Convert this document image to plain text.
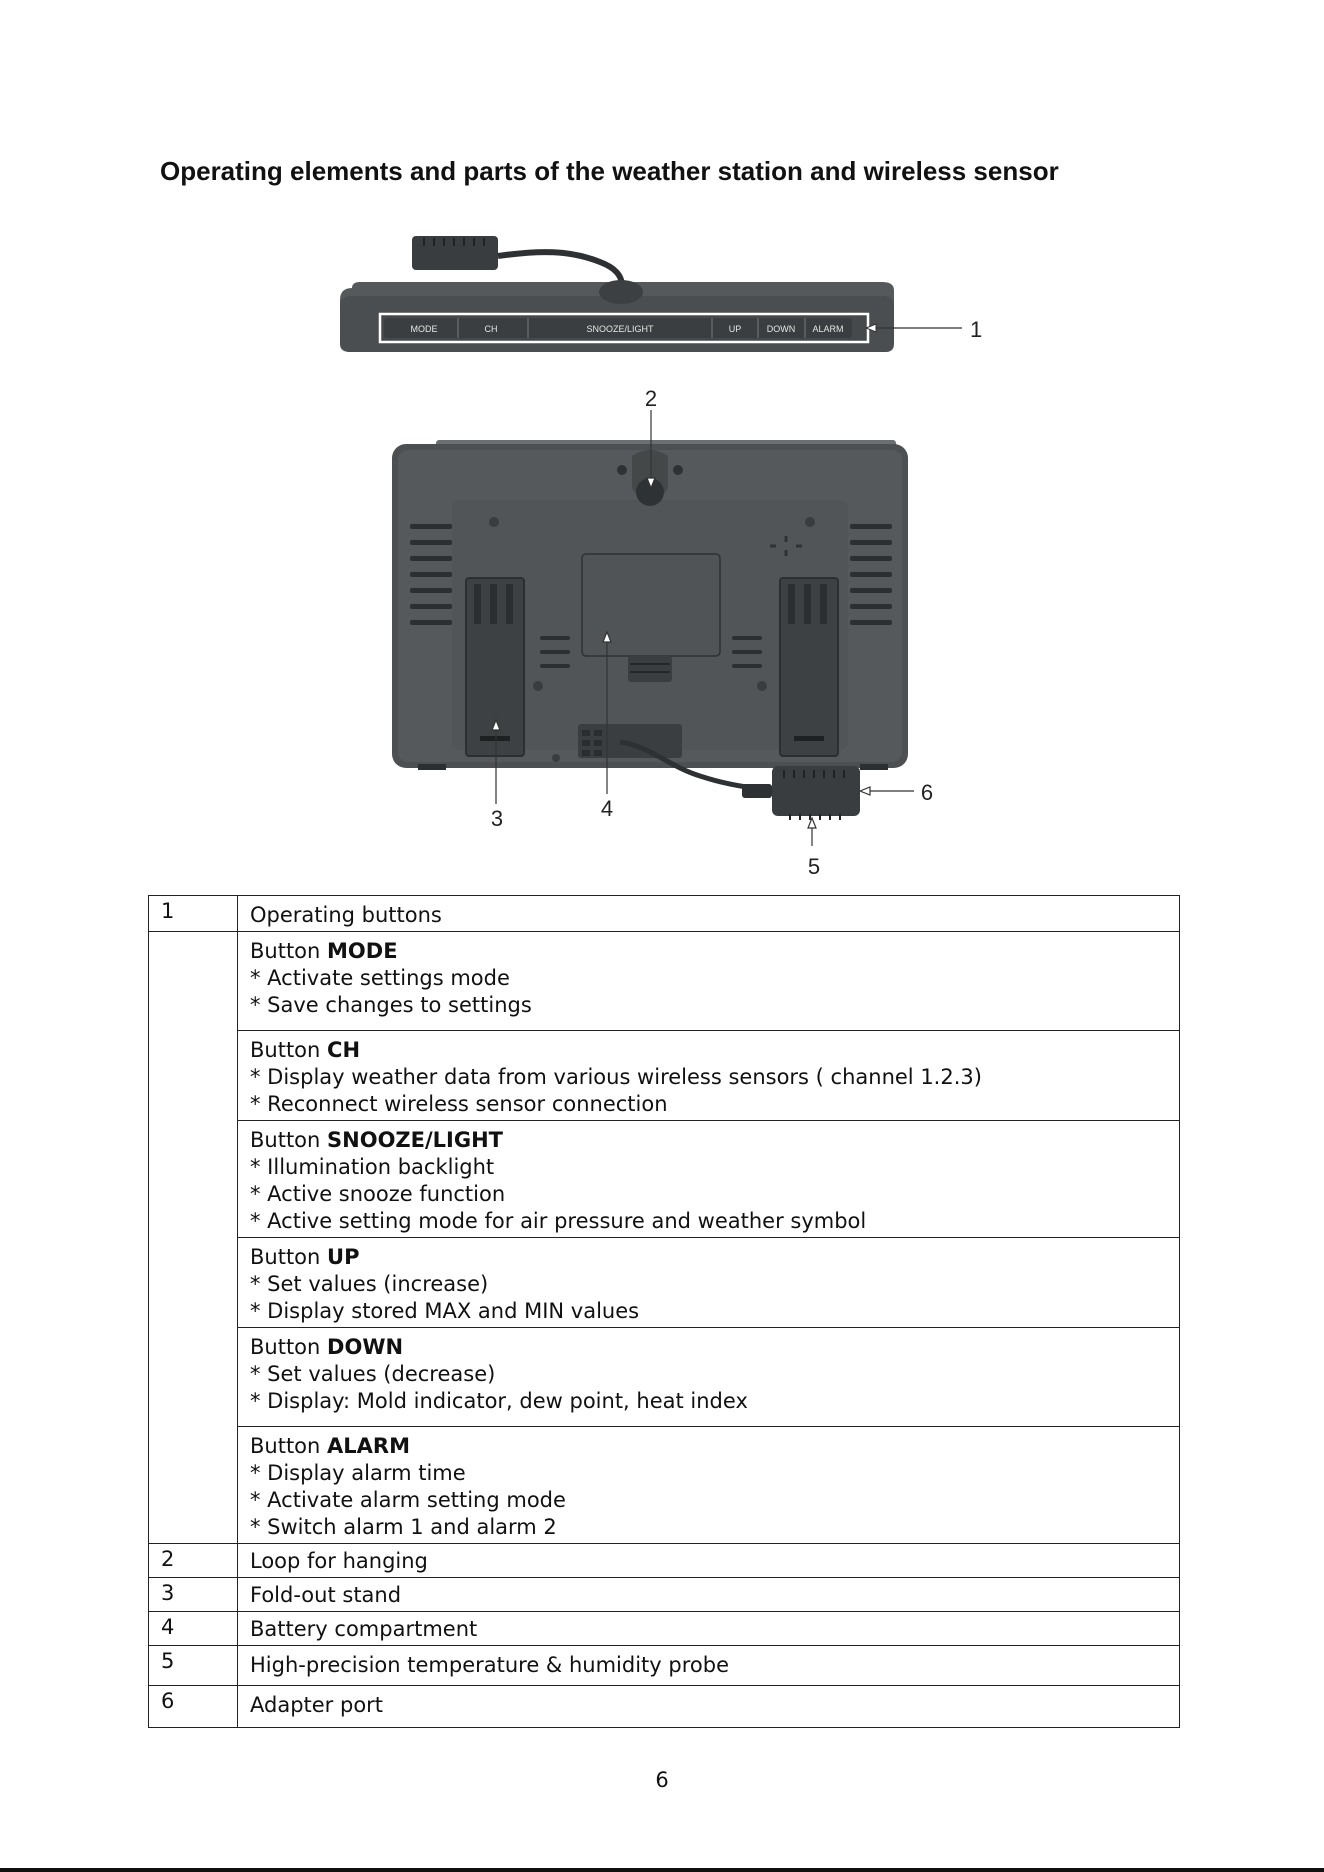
Operating elements and parts of the weather station and wireless sensor
MODE	CH	SNOOZE/LIGHT	UP	DOWN ALARM	1
2
3	4
5
6
1	Operating buttons

	Button MODE
* Activate settings mode
* Save changes to settings

	Button CH
* Display weather data from various wireless sensors ( channel 1.2.3)
* Reconnect wireless sensor connection

	Button SNOOZE/LIGHT
* Illumination backlight
* Active snooze function
* Active setting mode for air pressure and weather symbol

	Button UP
* Set values (increase)
* Display stored MAX and MIN values

	Button DOWN
* Set values (decrease)
* Display: Mold indicator, dew point, heat index

	Button ALARM
* Display alarm time
* Activate alarm setting mode
* Switch alarm 1 and alarm 2

2	Loop for hanging
3	Fold-out stand
4	Battery compartment
5	High-precision temperature & humidity probe
6	Adapter port
6
